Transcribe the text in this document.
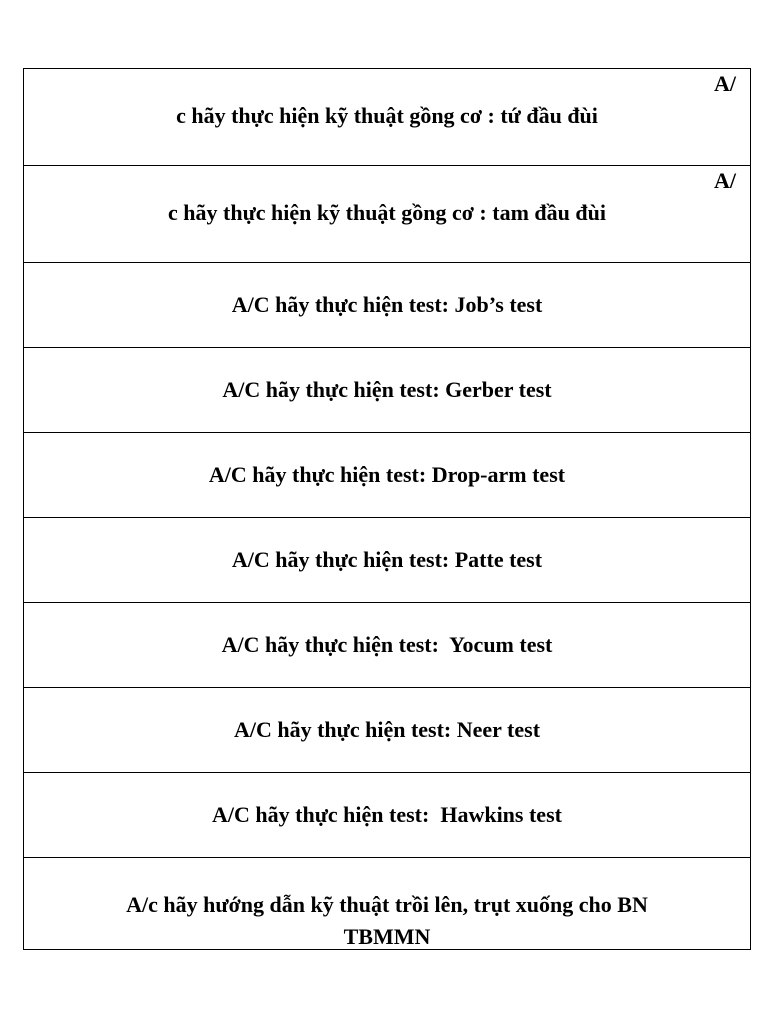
A/
c hãy thực hiện kỹ thuật gồng cơ : tứ đầu đùi
A/
c hãy thực hiện kỹ thuật gồng cơ : tam đầu đùi
A/C hãy thực hiện test: Job’s test
A/C hãy thực hiện test: Gerber test
A/C hãy thực hiện test: Drop-arm test
A/C hãy thực hiện test: Patte test
A/C hãy thực hiện test:  Yocum test
A/C hãy thực hiện test: Neer test
A/C hãy thực hiện test:  Hawkins test
A/c hãy hướng dẫn kỹ thuật trồi lên, trụt xuống cho BN TBMMN
